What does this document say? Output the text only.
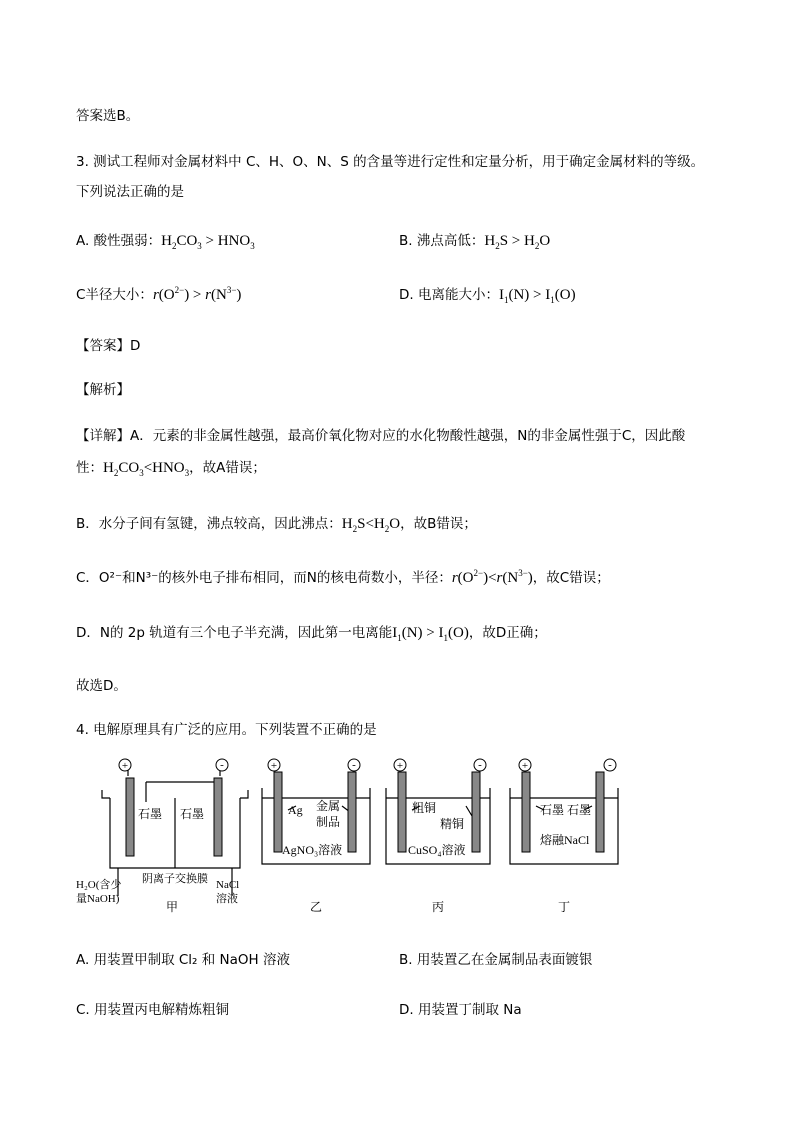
答案选B。
3. 测试工程师对金属材料中 C、H、O、N、S 的含量等进行定性和定量分析，用于确定金属材料的等级。
下列说法正确的是
A. 酸性强弱：$H_2CO_3 > HNO_3$	B. 沸点高低：$H_2S > H_2O$
C半径大小：$r(O^{2-}) > r(N^{3-})$	D. 电离能大小：$I_1(N) > I_1(O)$
【答案】D
【解析】
【详解】A．元素的非金属性越强，最高价氧化物对应的水化物酸性越强，N的非金属性强于C，因此酸
性：$H_2CO_3<HNO_3$，故A错误；
B．水分子间有氢键，沸点较高，因此沸点：$H_2S<H_2O$，故B错误；
C．O²⁻和N³⁻的核外电子排布相同，而N的核电荷数小，半径：$r(O^{2-})<r(N^{3-})$，故C错误；
D．N的 2p 轨道有三个电子半充满，因此第一电离能$I_1(N) > I_1(O)$，故D正确；
故选D。
4. 电解原理具有广泛的应用。下列装置不正确的是
+	-	+	-	+	-	+	-
石墨 石墨
阴离子交换膜
H₂O(含少
量NaOH)
NaCl
溶液
甲
Ag 金属
制品
AgNO₃溶液
乙
粗铜
精铜
CuSO₄溶液
丙
石墨 石墨
熔融NaCl
丁
A. 用装置甲制取 Cl₂ 和 NaOH 溶液	B. 用装置乙在金属制品表面镀银
C. 用装置丙电解精炼粗铜	D. 用装置丁制取 Na
